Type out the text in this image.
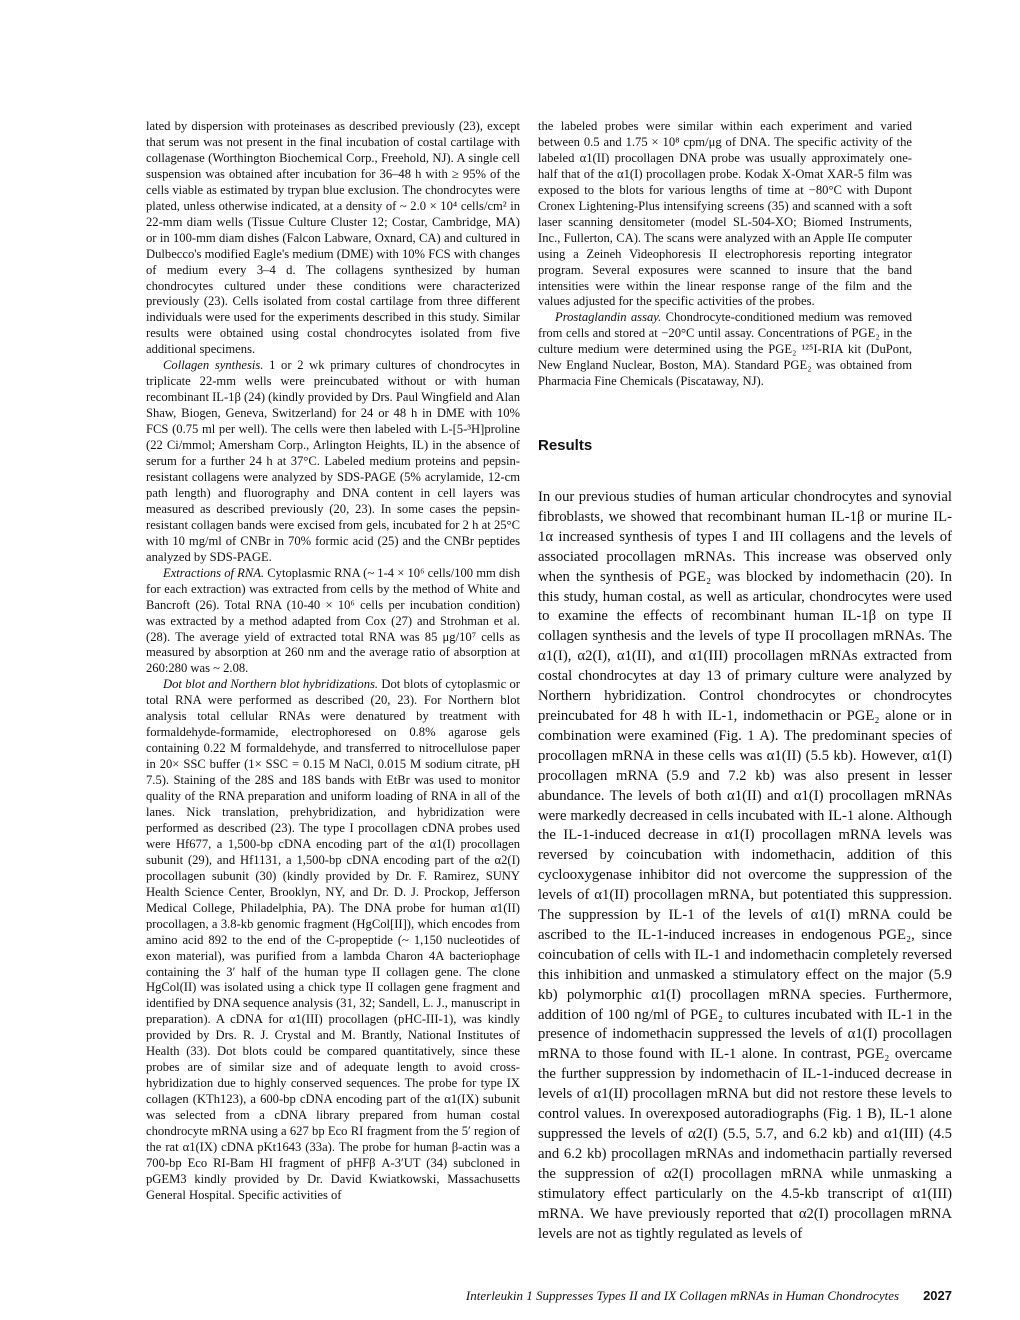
lated by dispersion with proteinases as described previously (23), except that serum was not present in the final incubation of costal cartilage with collagenase (Worthington Biochemical Corp., Freehold, NJ). A single cell suspension was obtained after incubation for 36–48 h with ≥ 95% of the cells viable as estimated by trypan blue exclusion. The chondrocytes were plated, unless otherwise indicated, at a density of ~ 2.0 × 10⁴ cells/cm² in 22-mm diam wells (Tissue Culture Cluster 12; Costar, Cambridge, MA) or in 100-mm diam dishes (Falcon Labware, Oxnard, CA) and cultured in Dulbecco's modified Eagle's medium (DME) with 10% FCS with changes of medium every 3–4 d. The collagens synthesized by human chondrocytes cultured under these conditions were characterized previously (23). Cells isolated from costal cartilage from three different individuals were used for the experiments described in this study. Similar results were obtained using costal chondrocytes isolated from five additional specimens.

Collagen synthesis. 1 or 2 wk primary cultures of chondrocytes in triplicate 22-mm wells were preincubated without or with human recombinant IL-1β (24) (kindly provided by Drs. Paul Wingfield and Alan Shaw, Biogen, Geneva, Switzerland) for 24 or 48 h in DME with 10% FCS (0.75 ml per well). The cells were then labeled with L-[5-³H]proline (22 Ci/mmol; Amersham Corp., Arlington Heights, IL) in the absence of serum for a further 24 h at 37°C. Labeled medium proteins and pepsin-resistant collagens were analyzed by SDS-PAGE (5% acrylamide, 12-cm path length) and fluorography and DNA content in cell layers was measured as described previously (20, 23). In some cases the pepsin-resistant collagen bands were excised from gels, incubated for 2 h at 25°C with 10 mg/ml of CNBr in 70% formic acid (25) and the CNBr peptides analyzed by SDS-PAGE.

Extractions of RNA. Cytoplasmic RNA (~ 1-4 × 10⁶ cells/100 mm dish for each extraction) was extracted from cells by the method of White and Bancroft (26). Total RNA (10-40 × 10⁶ cells per incubation condition) was extracted by a method adapted from Cox (27) and Strohman et al. (28). The average yield of extracted total RNA was 85 μg/10⁷ cells as measured by absorption at 260 nm and the average ratio of absorption at 260:280 was ~ 2.08.

Dot blot and Northern blot hybridizations. Dot blots of cytoplasmic or total RNA were performed as described (20, 23). For Northern blot analysis total cellular RNAs were denatured by treatment with formaldehyde-formamide, electrophoresed on 0.8% agarose gels containing 0.22 M formaldehyde, and transferred to nitrocellulose paper in 20× SSC buffer (1× SSC = 0.15 M NaCl, 0.015 M sodium citrate, pH 7.5). Staining of the 28S and 18S bands with EtBr was used to monitor quality of the RNA preparation and uniform loading of RNA in all of the lanes. Nick translation, prehybridization, and hybridization were performed as described (23). The type I procollagen cDNA probes used were Hf677, a 1,500-bp cDNA encoding part of the α1(I) procollagen subunit (29), and Hf1131, a 1,500-bp cDNA encoding part of the α2(I) procollagen subunit (30) (kindly provided by Dr. F. Ramirez, SUNY Health Science Center, Brooklyn, NY, and Dr. D. J. Prockop, Jefferson Medical College, Philadelphia, PA). The DNA probe for human α1(II) procollagen, a 3.8-kb genomic fragment (HgCol[II]), which encodes from amino acid 892 to the end of the C-propeptide (~ 1,150 nucleotides of exon material), was purified from a lambda Charon 4A bacteriophage containing the 3′ half of the human type II collagen gene. The clone HgCol(II) was isolated using a chick type II collagen gene fragment and identified by DNA sequence analysis (31, 32; Sandell, L. J., manuscript in preparation). A cDNA for α1(III) procollagen (pHC-III-1), was kindly provided by Drs. R. J. Crystal and M. Brantly, National Institutes of Health (33). Dot blots could be compared quantitatively, since these probes are of similar size and of adequate length to avoid cross-hybridization due to highly conserved sequences. The probe for type IX collagen (KTh123), a 600-bp cDNA encoding part of the α1(IX) subunit was selected from a cDNA library prepared from human costal chondrocyte mRNA using a 627 bp Eco RI fragment from the 5′ region of the rat α1(IX) cDNA pKt1643 (33a). The probe for human β-actin was a 700-bp Eco RI-Bam HI fragment of pHFβ A-3′UT (34) subcloned in pGEM3 kindly provided by Dr. David Kwiatkowski, Massachusetts General Hospital. Specific activities of

the labeled probes were similar within each experiment and varied between 0.5 and 1.75 × 10⁸ cpm/μg of DNA. The specific activity of the labeled α1(II) procollagen DNA probe was usually approximately one-half that of the α1(I) procollagen probe. Kodak X-Omat XAR-5 film was exposed to the blots for various lengths of time at −80°C with Dupont Cronex Lightening-Plus intensifying screens (35) and scanned with a soft laser scanning densitometer (model SL-504-XO; Biomed Instruments, Inc., Fullerton, CA). The scans were analyzed with an Apple IIe computer using a Zeineh Videophoresis II electrophoresis reporting integrator program. Several exposures were scanned to insure that the band intensities were within the linear response range of the film and the values adjusted for the specific activities of the probes.

Prostaglandin assay. Chondrocyte-conditioned medium was removed from cells and stored at −20°C until assay. Concentrations of PGE₂ in the culture medium were determined using the PGE₂ ¹²⁵I-RIA kit (DuPont, New England Nuclear, Boston, MA). Standard PGE₂ was obtained from Pharmacia Fine Chemicals (Piscataway, NJ).

Results

In our previous studies of human articular chondrocytes and synovial fibroblasts, we showed that recombinant human IL-1β or murine IL-1α increased synthesis of types I and III collagens and the levels of associated procollagen mRNAs. This increase was observed only when the synthesis of PGE₂ was blocked by indomethacin (20). In this study, human costal, as well as articular, chondrocytes were used to examine the effects of recombinant human IL-1β on type II collagen synthesis and the levels of type II procollagen mRNAs. The α1(I), α2(I), α1(II), and α1(III) procollagen mRNAs extracted from costal chondrocytes at day 13 of primary culture were analyzed by Northern hybridization. Control chondrocytes or chondrocytes preincubated for 48 h with IL-1, indomethacin or PGE₂ alone or in combination were examined (Fig. 1 A). The predominant species of procollagen mRNA in these cells was α1(II) (5.5 kb). However, α1(I) procollagen mRNA (5.9 and 7.2 kb) was also present in lesser abundance. The levels of both α1(II) and α1(I) procollagen mRNAs were markedly decreased in cells incubated with IL-1 alone. Although the IL-1-induced decrease in α1(I) procollagen mRNA levels was reversed by coincubation with indomethacin, addition of this cyclooxygenase inhibitor did not overcome the suppression of the levels of α1(II) procollagen mRNA, but potentiated this suppression. The suppression by IL-1 of the levels of α1(I) mRNA could be ascribed to the IL-1-induced increases in endogenous PGE₂, since coincubation of cells with IL-1 and indomethacin completely reversed this inhibition and unmasked a stimulatory effect on the major (5.9 kb) polymorphic α1(I) procollagen mRNA species. Furthermore, addition of 100 ng/ml of PGE₂ to cultures incubated with IL-1 in the presence of indomethacin suppressed the levels of α1(I) procollagen mRNA to those found with IL-1 alone. In contrast, PGE₂ overcame the further suppression by indomethacin of IL-1-induced decrease in levels of α1(II) procollagen mRNA but did not restore these levels to control values. In overexposed autoradiographs (Fig. 1 B), IL-1 alone suppressed the levels of α2(I) (5.5, 5.7, and 6.2 kb) and α1(III) (4.5 and 6.2 kb) procollagen mRNAs and indomethacin partially reversed the suppression of α2(I) procollagen mRNA while unmasking a stimulatory effect particularly on the 4.5-kb transcript of α1(III) mRNA. We have previously reported that α2(I) procollagen mRNA levels are not as tightly regulated as levels of

Interleukin 1 Suppresses Types II and IX Collagen mRNAs in Human Chondrocytes 2027
